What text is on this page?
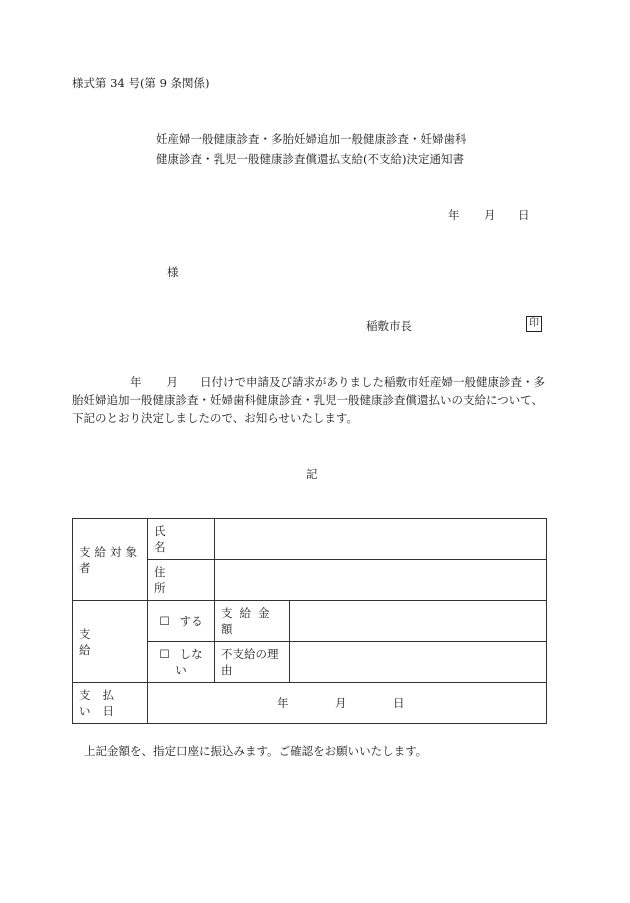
様式第 34 号(第 9 条関係)
妊産婦一般健康診査・多胎妊婦追加一般健康診査・妊婦歯科
健康診査・乳児一般健康診査償還払支給(不支給)決定通知書
年 月 日
様
稲敷市長	印
年 月 日付けで申請及び請求がありました稲敷市妊産婦一般健康診査・多
胎妊婦追加一般健康診査・妊婦歯科健康診査・乳児一般健康診査償還払いの支給について、
下記のとおり決定しましたので、お知らせいたします。
記
支給対象者	氏名		

	住所		

支給	☐ する	支給金額	

	☐ しない	不支給の理由	

支払い日	年 月 日		
上記金額を、指定口座に振込みます。ご確認をお願いいたします。
